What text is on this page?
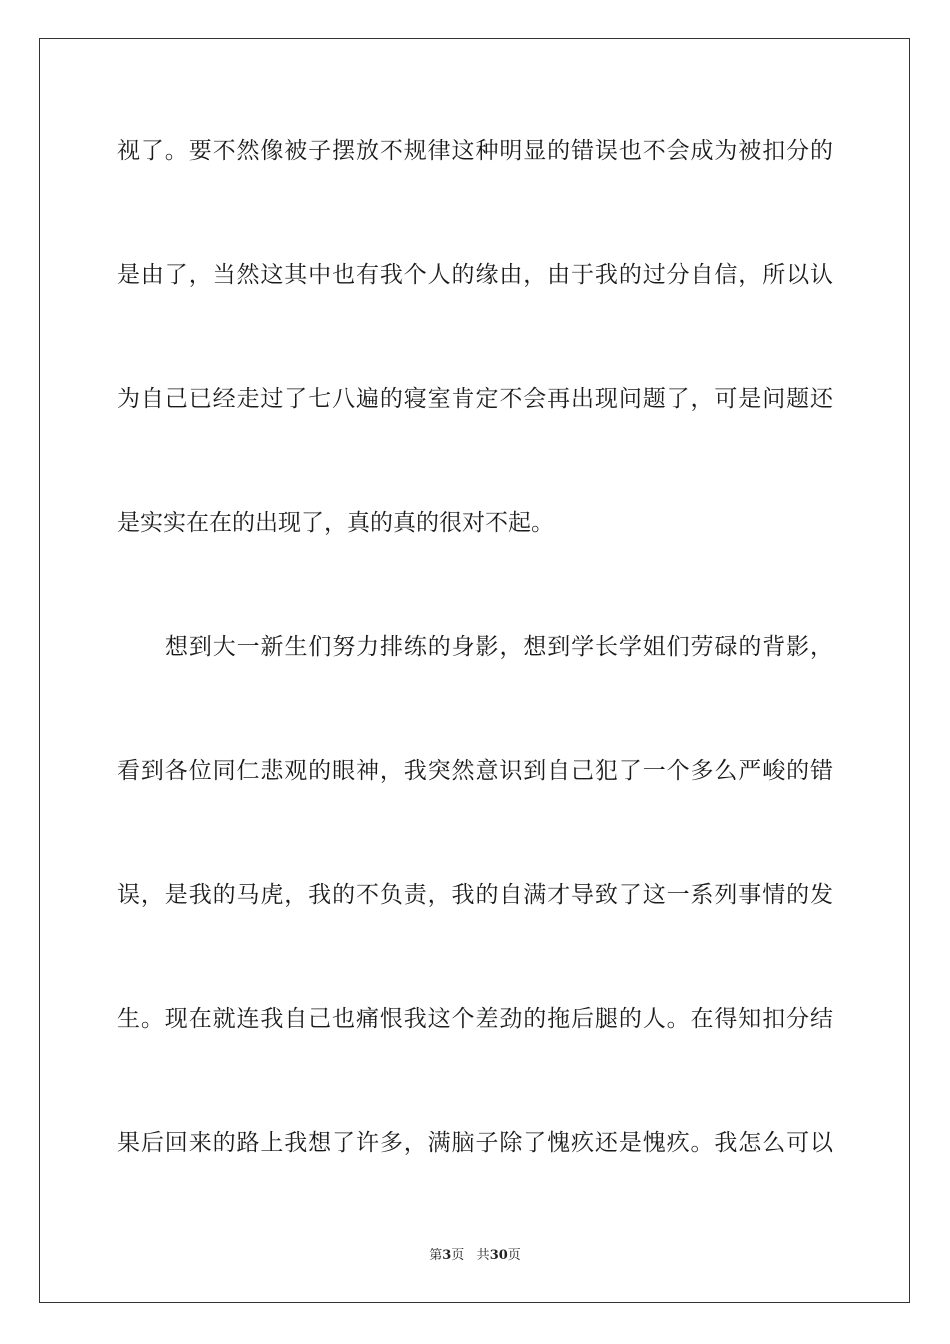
视了。要不然像被子摆放不规律这种明显的错误也不会成为被扣分的
是由了，当然这其中也有我个人的缘由，由于我的过分自信，所以认
为自己已经走过了七八遍的寝室肯定不会再出现问题了，可是问题还
是实实在在的出现了，真的真的很对不起。
想到大一新生们努力排练的身影，想到学长学姐们劳碌的背影，
看到各位同仁悲观的眼神，我突然意识到自己犯了一个多么严峻的错
误，是我的马虎，我的不负责，我的自满才导致了这一系列事情的发
生。现在就连我自己也痛恨我这个差劲的拖后腿的人。在得知扣分结
果后回来的路上我想了许多，满脑子除了愧疚还是愧疚。我怎么可以
第3页 共30页
